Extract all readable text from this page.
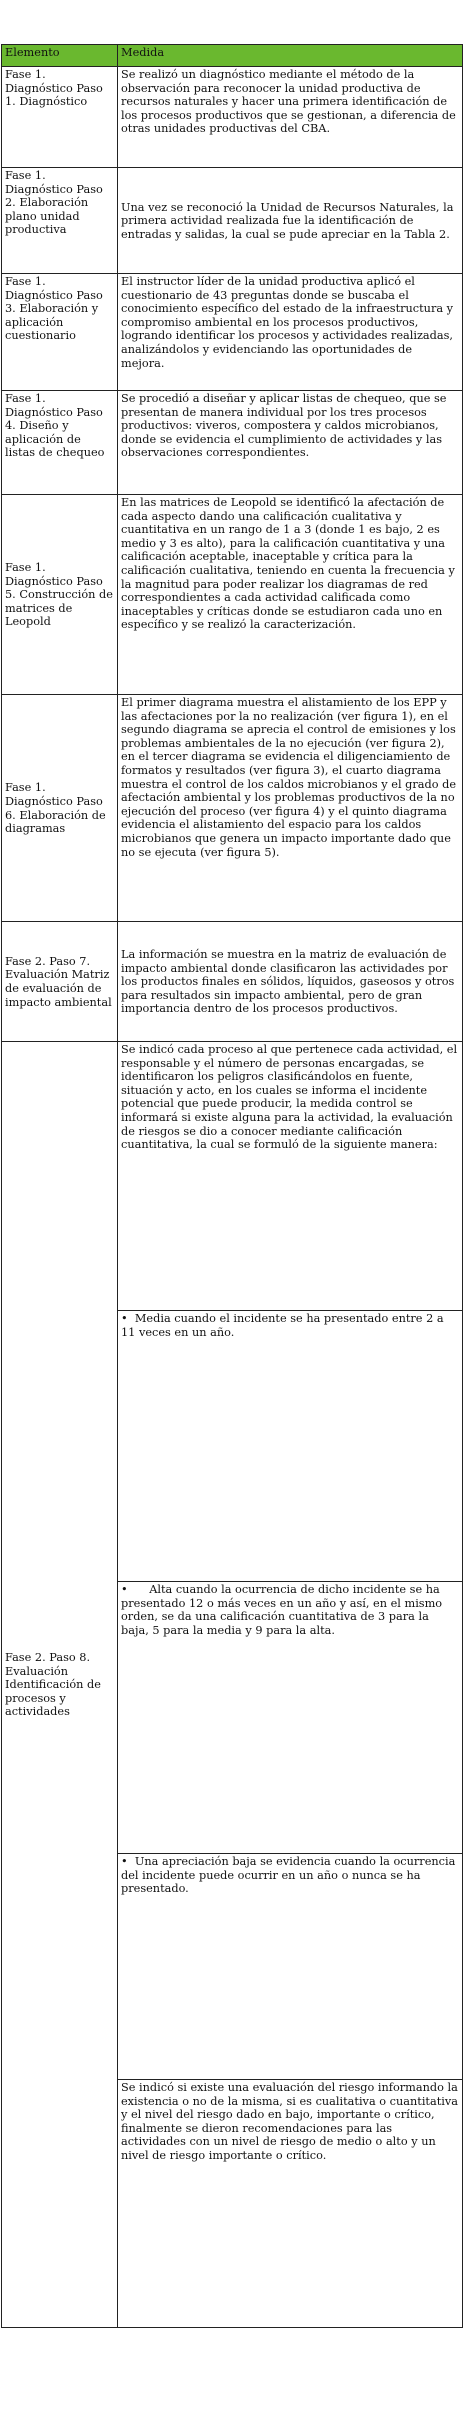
Elemento	Medida
Fase 1. Diagnóstico Paso 1. Diagnóstico	Se realizó un diagnóstico mediante el método de la observación para reconocer la unidad productiva de recursos naturales y hacer una primera identificación de los procesos productivos que se gestionan, a diferencia de otras unidades productivas del CBA.
Fase 1. Diagnóstico Paso 2. Elaboración plano unidad productiva	Una vez se reconoció la Unidad de Recursos Naturales, la primera actividad realizada fue la identificación de entradas y salidas, la cual se pude apreciar en la Tabla 2.
Fase 1. Diagnóstico Paso 3. Elaboración y aplicación cuestionario	El instructor líder de la unidad productiva aplicó el cuestionario de 43 preguntas donde se buscaba el conocimiento específico del estado de la infraestructura y compromiso ambiental en los procesos productivos, logrando identificar los procesos y actividades realizadas, analizándolos y evidenciando las oportunidades de mejora.
Fase 1. Diagnóstico Paso 4. Diseño y aplicación de listas de chequeo	Se procedió a diseñar y aplicar listas de chequeo, que se presentan de manera individual por los tres procesos productivos: viveros, compostera y caldos microbianos, donde se evidencia el cumplimiento de actividades y las observaciones correspondientes.
Fase 1. Diagnóstico Paso 5. Construcción de matrices de Leopold	En las matrices de Leopold se identificó la afectación de cada aspecto dando una calificación cualitativa y cuantitativa en un rango de 1 a 3 (donde 1 es bajo, 2 es medio y 3 es alto), para la calificación cuantitativa y una calificación aceptable, inaceptable y crítica para la calificación cualitativa, teniendo en cuenta la frecuencia y la magnitud para poder realizar los diagramas de red correspondientes a cada actividad calificada como inaceptables y críticas donde se estudiaron cada uno en específico y se realizó la caracterización.
Fase 1. Diagnóstico Paso 6. Elaboración de diagramas	El primer diagrama muestra el alistamiento de los EPP y las afectaciones por la no realización (ver figura 1), en el segundo diagrama se aprecia el control de emisiones y los problemas ambientales de la no ejecución (ver figura 2), en el tercer diagrama se evidencia el diligenciamiento de formatos y resultados (ver figura 3), el cuarto diagrama muestra el control de los caldos microbianos y el grado de afectación ambiental y los problemas productivos de la no ejecución del proceso (ver figura 4) y el quinto diagrama evidencia el alistamiento del espacio para los caldos microbianos que genera un impacto importante dado que no se ejecuta (ver figura 5).
Fase 2. Paso 7. Evaluación Matriz de evaluación de impacto ambiental	La información se muestra en la matriz de evaluación de impacto ambiental donde clasificaron las actividades por los productos finales en sólidos, líquidos, gaseosos y otros para resultados sin impacto ambiental, pero de gran importancia dentro de los procesos productivos.
Fase 2. Paso 8. Evaluación Identificación de procesos y actividades	Se indicó cada proceso al que pertenece cada actividad, el responsable y el número de personas encargadas, se identificaron los peligros clasificándolos en fuente, situación y acto, en los cuales se informa el incidente potencial que puede producir, la medida control se informará si existe alguna para la actividad, la evaluación de riesgos se dio a conocer mediante calificación cuantitativa, la cual se formuló de la siguiente manera:
	• Media cuando el incidente se ha presentado entre 2 a 11 veces en un año.
	• Alta cuando la ocurrencia de dicho incidente se ha presentado 12 o más veces en un año y así, en el mismo orden, se da una calificación cuantitativa de 3 para la baja, 5 para la media y 9 para la alta.
	• Una apreciación baja se evidencia cuando la ocurrencia del incidente puede ocurrir en un año o nunca se ha presentado.
	Se indicó si existe una evaluación del riesgo informando la existencia o no de la misma, si es cualitativa o cuantitativa y el nivel del riesgo dado en bajo, importante o crítico, finalmente se dieron recomendaciones para las actividades con un nivel de riesgo de medio o alto y un nivel de riesgo importante o crítico.
